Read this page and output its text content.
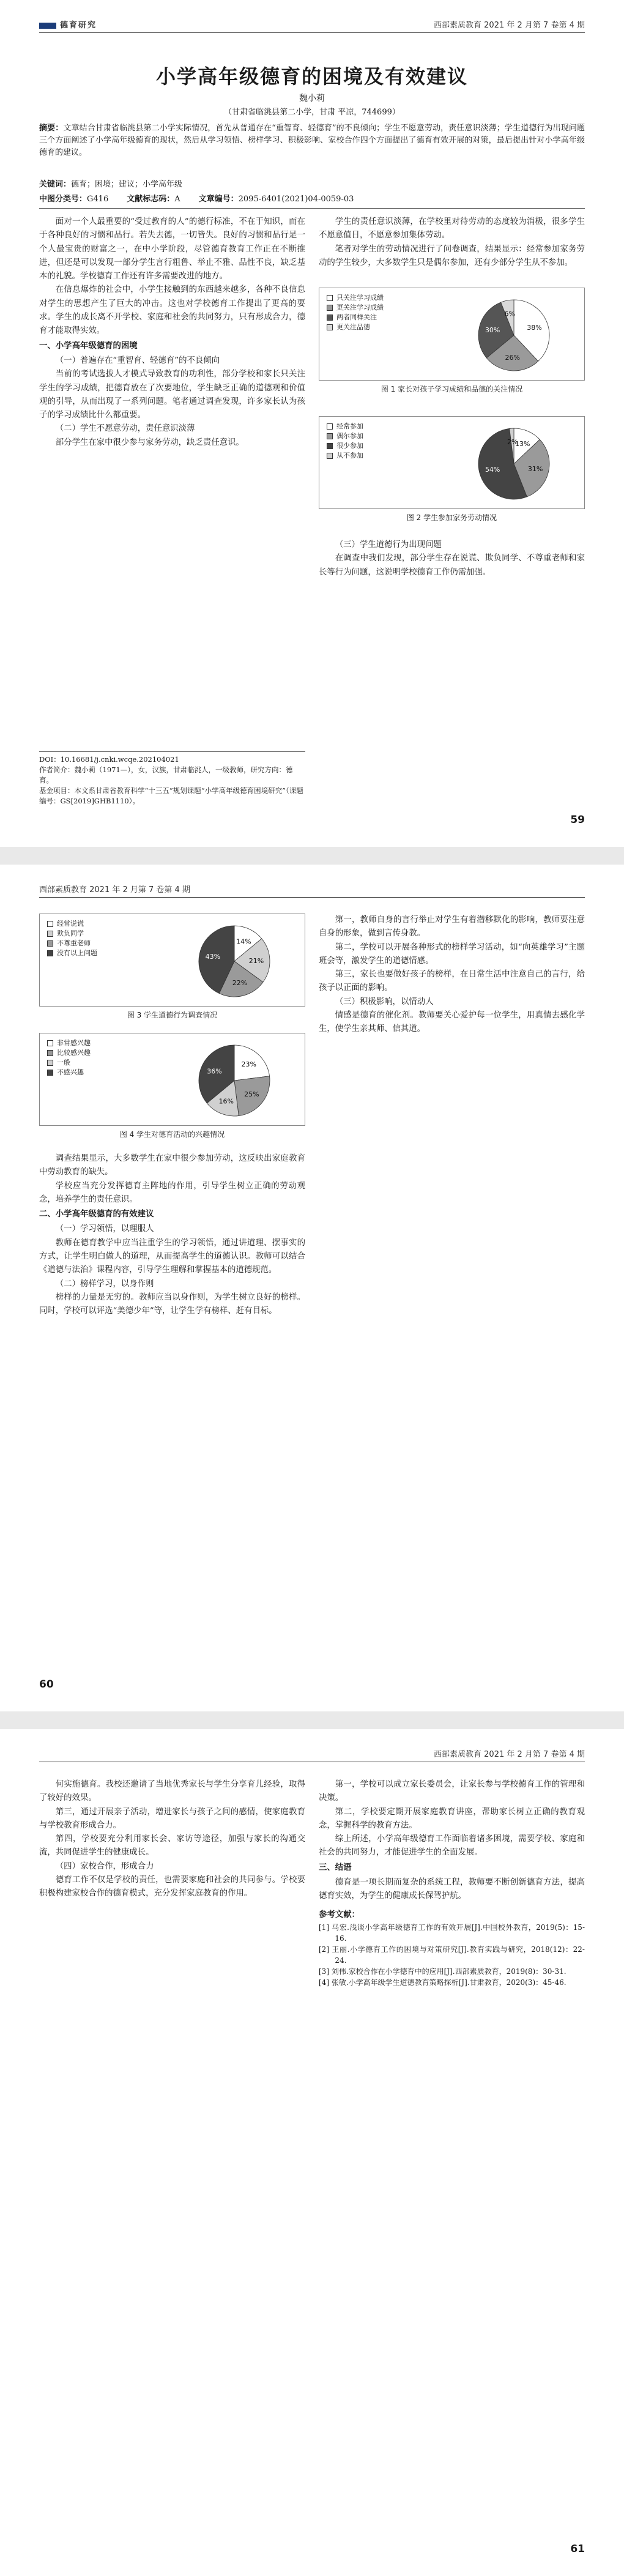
德育研究	西部素质教育 2021 年 2 月第 7 卷第 4 期
小学高年级德育的困境及有效建议
魏小莉
（甘肃省临洮县第二小学，甘肃 平凉，744699）
摘要：文章结合甘肃省临洮县第二小学实际情况，首先从普通存在“重智育、轻德育”的不良倾向；学生不愿意劳动，责任意识淡薄；学生道德行为出现问题三个方面阐述了小学高年级德育的现状，然后从学习领悟、榜样学习、积极影响、家校合作四个方面提出了德育有效开展的对策，最后提出针对小学高年级德育的建议。
关键词：德育；困境；建议；小学高年级
中图分类号：G416 文献标志码：A 文章编号：2095-6401(2021)04-0059-03

面对一个人最重要的“受过教育的人”的德行标准，不在于知识，而在于各种良好的习惯和品行。若失去德，一切皆失。良好的习惯和品行是一个人最宝贵的财富之一，在中小学阶段，尽管德育教育工作正在不断推进，但还是可以发现一部分学生言行粗鲁、举止不雅、品性不良，缺乏基本的礼貌。学校德育工作还有许多需要改进的地方。

在信息爆炸的社会中，小学生接触到的东西越来越多，各种不良信息对学生的思想产生了巨大的冲击。这也对学校德育工作提出了更高的要求。学生的成长离不开学校、家庭和社会的共同努力，只有形成合力，德育才能取得实效。

一、小学高年级德育的困境

（一）普遍存在“重智育、轻德育”的不良倾向

当前的考试选拔人才模式导致教育的功利性，部分学校和家长只关注学生的学习成绩，把德育放在了次要地位，学生缺乏正确的道德观和价值观的引导，从而出现了一系列问题。笔者通过调查发现，许多家长认为孩子的学习成绩比什么都重要。

（二）学生不愿意劳动，责任意识淡薄

部分学生在家中很少参与家务劳动，缺乏责任意识。

学生的责任意识淡薄，在学校里对待劳动的态度较为消极，很多学生不愿意值日，不愿意参加集体劳动。

笔者对学生的劳动情况进行了问卷调查，结果显示：经常参加家务劳动的学生较少，大多数学生只是偶尔参加，还有少部分学生从不参加。

只关注学习成绩
更关注学习成绩
两者同样关注
更关注品德	38%
26%
30%
6%
图 1 家长对孩子学习成绩和品德的关注情况
经常参加
偶尔参加
很少参加
从不参加
13%
31%
54%
2%
图 2 学生参加家务劳动情况

（三）学生道德行为出现问题

在调查中我们发现，部分学生存在说谎、欺负同学、不尊重老师和家长等行为问题，这说明学校德育工作仍需加强。

DOI：10.16681/j.cnki.wcqe.202104021
作者简介：魏小莉（1971—），女，汉族，甘肃临洮人，一级教师，研究方向：德育。
基金项目：本文系甘肃省教育科学“十三五”规划课题“小学高年级德育困境研究”（课题编号：GS[2019]GHB1110）。
59
西部素质教育 2021 年 2 月第 7 卷第 4 期
经常说谎
欺负同学
不尊重老师
没有以上问题
14%
21%
22%
43%
图 3 学生道德行为调查情况
非常感兴趣
比较感兴趣
一般
不感兴趣
23%
25%
16%
36%
图 4 学生对德育活动的兴趣情况

调查结果显示，大多数学生在家中很少参加劳动，这反映出家庭教育中劳动教育的缺失。

学校应当充分发挥德育主阵地的作用，引导学生树立正确的劳动观念，培养学生的责任意识。

二、小学高年级德育的有效建议

（一）学习领悟，以理服人

教师在德育教学中应当注重学生的学习领悟，通过讲道理、摆事实的方式，让学生明白做人的道理，从而提高学生的道德认识。教师可以结合《道德与法治》课程内容，引导学生理解和掌握基本的道德规范。

（二）榜样学习，以身作则

榜样的力量是无穷的。教师应当以身作则，为学生树立良好的榜样。同时，学校可以评选“美德少年”等，让学生学有榜样、赶有目标。

第一，教师自身的言行举止对学生有着潜移默化的影响，教师要注意自身的形象，做到言传身教。

第二，学校可以开展各种形式的榜样学习活动，如“向英雄学习”主题班会等，激发学生的道德情感。

第三，家长也要做好孩子的榜样，在日常生活中注意自己的言行，给孩子以正面的影响。

（三）积极影响，以情动人

情感是德育的催化剂。教师要关心爱护每一位学生，用真情去感化学生，使学生亲其师、信其道。

60
西部素质教育 2021 年 2 月第 7 卷第 4 期

何实施德育。我校还邀请了当地优秀家长与学生分享育儿经验，取得了较好的效果。

第三，通过开展亲子活动，增进家长与孩子之间的感情，使家庭教育与学校教育形成合力。

第四，学校要充分利用家长会、家访等途径，加强与家长的沟通交流，共同促进学生的健康成长。

（四）家校合作，形成合力

德育工作不仅是学校的责任，也需要家庭和社会的共同参与。学校要积极构建家校合作的德育模式，充分发挥家庭教育的作用。

第一，学校可以成立家长委员会，让家长参与学校德育工作的管理和决策。

第二，学校要定期开展家庭教育讲座，帮助家长树立正确的教育观念，掌握科学的教育方法。

综上所述，小学高年级德育工作面临着诸多困境，需要学校、家庭和社会的共同努力，才能促进学生的全面发展。

三、结语

德育是一项长期而复杂的系统工程，教师要不断创新德育方法，提高德育实效，为学生的健康成长保驾护航。

参考文献：

[1] 马宏.浅谈小学高年级德育工作的有效开展[J].中国校外教育，2019(5)：15-16.

[2] 王丽.小学德育工作的困境与对策研究[J].教育实践与研究，2018(12)：22-24.

[3] 刘伟.家校合作在小学德育中的应用[J].西部素质教育，2019(8)：30-31.

[4] 张敏.小学高年级学生道德教育策略探析[J].甘肃教育，2020(3)：45-46.

61
